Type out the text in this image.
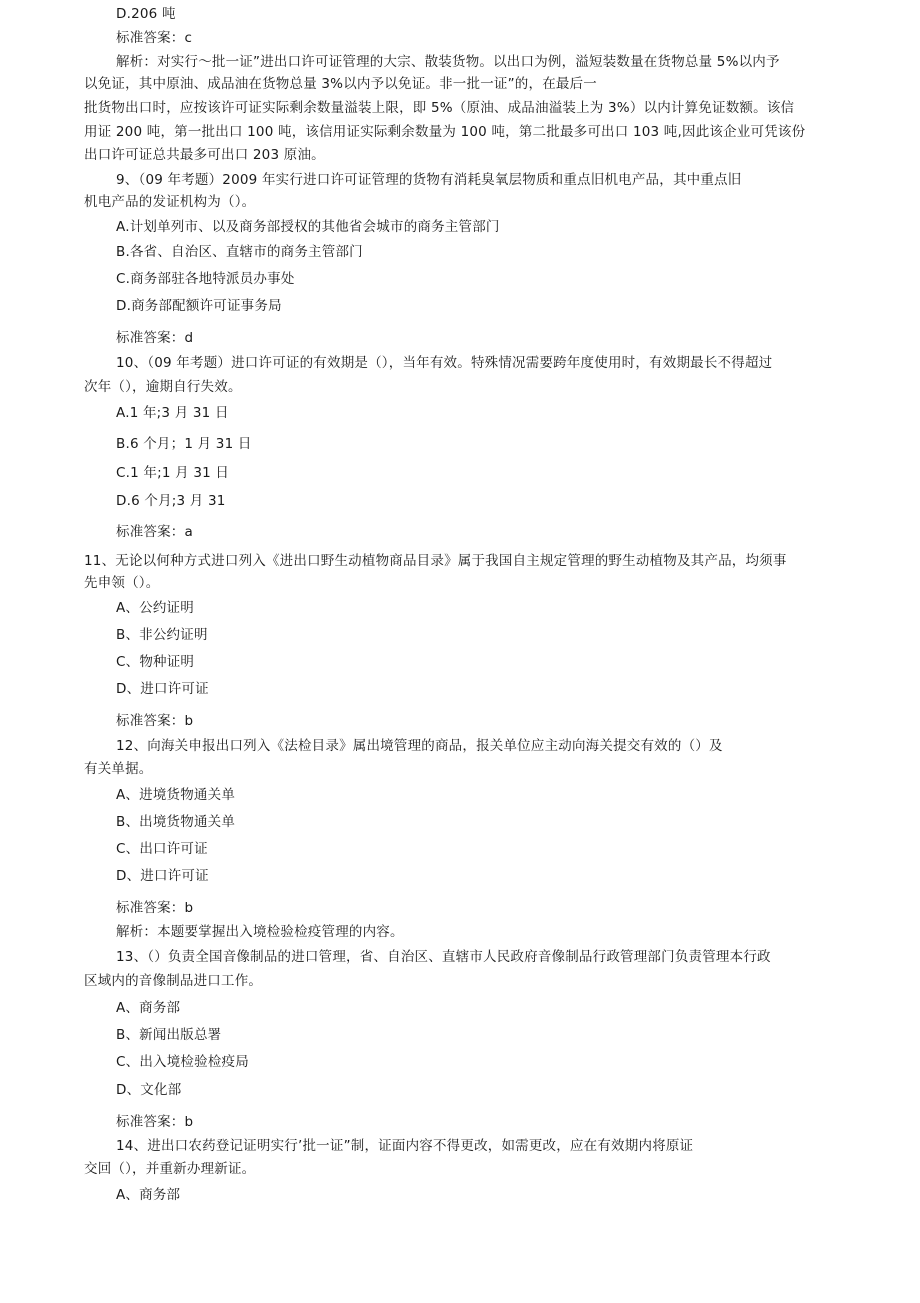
D.206 吨
标准答案：c
解析：对实行～批一证”进出口许可证管理的大宗、散装货物。以出口为例，溢短装数量在货物总量 5%以内予
以免证，其中原油、成品油在货物总量 3%以内予以免证。非一批一证”的，在最后一
批货物出口时，应按该许可证实际剩余数量溢装上限，即 5%（原油、成品油溢装上为 3%）以内计算免证数额。该信
用证 200 吨，第一批出口 100 吨，该信用证实际剩余数量为 100 吨，第二批最多可出口 103 吨,因此该企业可凭该份
出口许可证总共最多可出口 203 原油。
9、（09 年考题）2009 年实行进口许可证管理的货物有消耗臭氧层物质和重点旧机电产品，其中重点旧
机电产品的发证机构为（）。
A.计划单列市、以及商务部授权的其他省会城市的商务主管部门
B.各省、自治区、直辖市的商务主管部门
C.商务部驻各地特派员办事处
D.商务部配额许可证事务局
标准答案：d
10、（09 年考题）进口许可证的有效期是（），当年有效。特殊情况需要跨年度使用时，有效期最长不得超过
次年（），逾期自行失效。
A.1 年;3 月 31 日
B.6 个月；1 月 31 日
C.1 年;1 月 31 日
D.6 个月;3 月 31
标准答案：a
11、无论以何种方式进口列入《进出口野生动植物商品目录》属于我国自主规定管理的野生动植物及其产品，均须事
先申领（）。
A、公约证明
B、非公约证明
C、物种证明
D、进口许可证
标准答案：b
12、向海关申报出口列入《法检目录》属出境管理的商品，报关单位应主动向海关提交有效的（）及
有关单据。
A、进境货物通关单
B、出境货物通关单
C、出口许可证
D、进口许可证
标准答案：b
解析：本题要掌握出入境检验检疫管理的内容。
13、（）负责全国音像制品的进口管理，省、自治区、直辖市人民政府音像制品行政管理部门负责管理本行政
区域内的音像制品进口工作。
A、商务部
B、新闻出版总署
C、出入境检验检疫局
D、文化部
标准答案：b
14、进出口农药登记证明实行’批一证”制，证面内容不得更改，如需更改，应在有效期内将原证
交回（），并重新办理新证。
A、商务部
